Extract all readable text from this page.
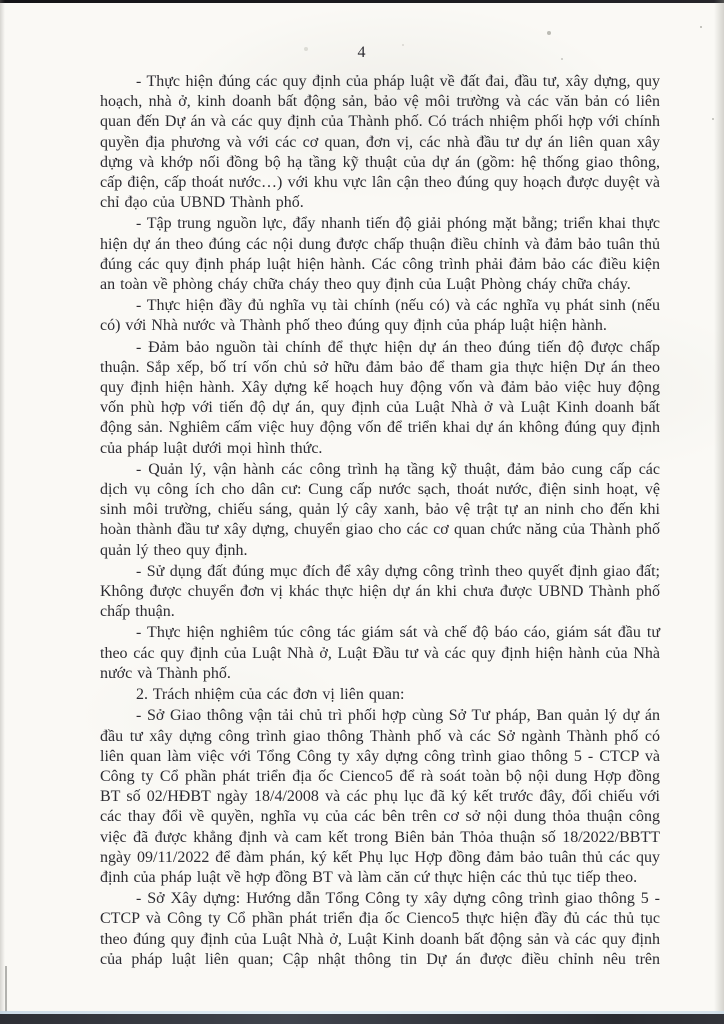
4

- Thực hiện đúng các quy định của pháp luật về đất đai, đầu tư, xây dựng, quy hoạch, nhà ở, kinh doanh bất động sản, bảo vệ môi trường và các văn bản có liên quan đến Dự án và các quy định của Thành phố. Có trách nhiệm phối hợp với chính quyền địa phương và với các cơ quan, đơn vị, các nhà đầu tư dự án liên quan xây dựng và khớp nối đồng bộ hạ tầng kỹ thuật của dự án (gồm: hệ thống giao thông, cấp điện, cấp thoát nước…) với khu vực lân cận theo đúng quy hoạch được duyệt và chỉ đạo của UBND Thành phố.

- Tập trung nguồn lực, đẩy nhanh tiến độ giải phóng mặt bằng; triển khai thực hiện dự án theo đúng các nội dung được chấp thuận điều chỉnh và đảm bảo tuân thủ đúng các quy định pháp luật hiện hành. Các công trình phải đảm bảo các điều kiện an toàn về phòng cháy chữa cháy theo quy định của Luật Phòng cháy chữa cháy.

- Thực hiện đầy đủ nghĩa vụ tài chính (nếu có) và các nghĩa vụ phát sinh (nếu có) với Nhà nước và Thành phố theo đúng quy định của pháp luật hiện hành.

- Đảm bảo nguồn tài chính để thực hiện dự án theo đúng tiến độ được chấp thuận. Sắp xếp, bố trí vốn chủ sở hữu đảm bảo để tham gia thực hiện Dự án theo quy định hiện hành. Xây dựng kế hoạch huy động vốn và đảm bảo việc huy động vốn phù hợp với tiến độ dự án, quy định của Luật Nhà ở và Luật Kinh doanh bất động sản. Nghiêm cấm việc huy động vốn để triển khai dự án không đúng quy định của pháp luật dưới mọi hình thức.

- Quản lý, vận hành các công trình hạ tầng kỹ thuật, đảm bảo cung cấp các dịch vụ công ích cho dân cư: Cung cấp nước sạch, thoát nước, điện sinh hoạt, vệ sinh môi trường, chiếu sáng, quản lý cây xanh, bảo vệ trật tự an ninh cho đến khi hoàn thành đầu tư xây dựng, chuyển giao cho các cơ quan chức năng của Thành phố quản lý theo quy định.

- Sử dụng đất đúng mục đích để xây dựng công trình theo quyết định giao đất; Không được chuyển đơn vị khác thực hiện dự án khi chưa được UBND Thành phố chấp thuận.

- Thực hiện nghiêm túc công tác giám sát và chế độ báo cáo, giám sát đầu tư theo các quy định của Luật Nhà ở, Luật Đầu tư và các quy định hiện hành của Nhà nước và Thành phố.

2. Trách nhiệm của các đơn vị liên quan:

- Sở Giao thông vận tải chủ trì phối hợp cùng Sở Tư pháp, Ban quản lý dự án đầu tư xây dựng công trình giao thông Thành phố và các Sở ngành Thành phố có liên quan làm việc với Tổng Công ty xây dựng công trình giao thông 5 - CTCP và Công ty Cổ phần phát triển địa ốc Cienco5 để rà soát toàn bộ nội dung Hợp đồng BT số 02/HĐBT ngày 18/4/2008 và các phụ lục đã ký kết trước đây, đối chiếu với các thay đổi về quyền, nghĩa vụ của các bên trên cơ sở nội dung thỏa thuận công việc đã được khẳng định và cam kết trong Biên bản Thỏa thuận số 18/2022/BBTT ngày 09/11/2022 để đàm phán, ký kết Phụ lục Hợp đồng đảm bảo tuân thủ các quy định của pháp luật về hợp đồng BT và làm căn cứ thực hiện các thủ tục tiếp theo.

- Sở Xây dựng: Hướng dẫn Tổng Công ty xây dựng công trình giao thông 5 - CTCP và Công ty Cổ phần phát triển địa ốc Cienco5 thực hiện đầy đủ các thủ tục theo đúng quy định của Luật Nhà ở, Luật Kinh doanh bất động sản và các quy định của pháp luật liên quan; Cập nhật thông tin Dự án được điều chỉnh nêu trên
